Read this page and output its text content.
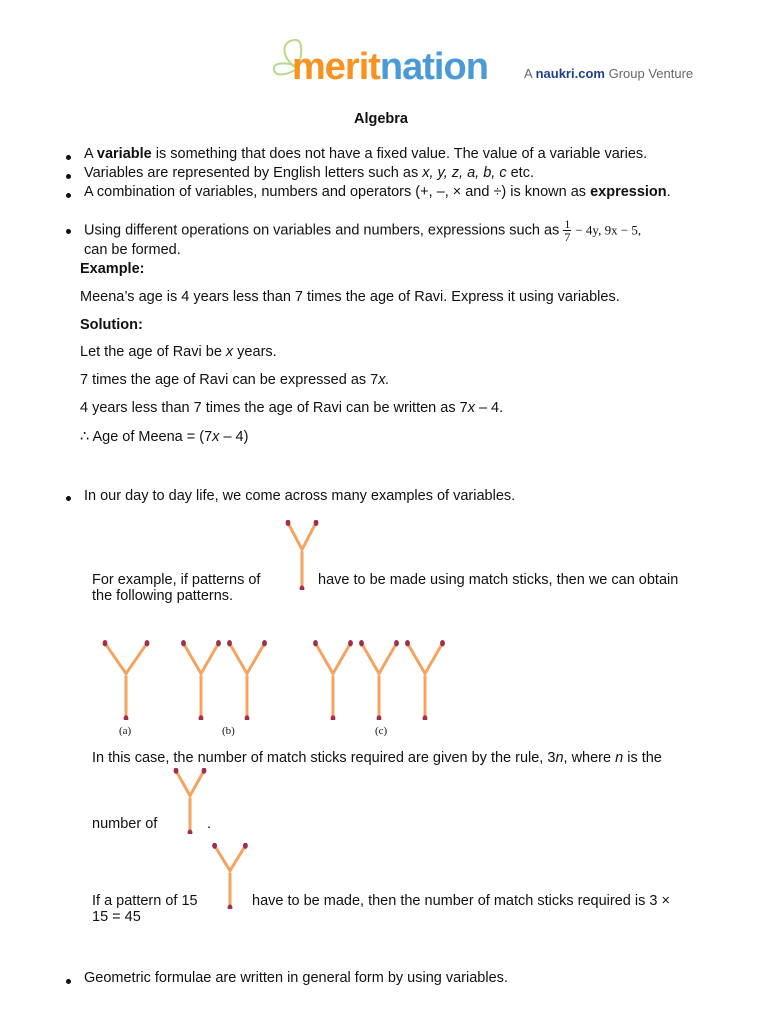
meritnation	A naukri.com Group Venture
Algebra
A variable is something that does not have a fixed value. The value of a variable varies.
Variables are represented by English letters such as x, y, z, a, b, c etc.
A combination of variables, numbers and operators (+, –, × and ÷) is known as expression.
Using different operations on variables and numbers, expressions such as $\frac{1}{7} - 4y$, 9x − 5,
can be formed.
Example:
Meena’s age is 4 years less than 7 times the age of Ravi. Express it using variables.
Solution:
Let the age of Ravi be x years.
7 times the age of Ravi can be expressed as 7x.
4 years less than 7 times the age of Ravi can be written as 7x – 4.
∴ Age of Meena = (7x – 4)
In our day to day life, we come across many examples of variables.
For example, if patterns of	have to be made using match sticks, then we can obtain
the following patterns.
(a)	(b)	(c)
In this case, the number of match sticks required are given by the rule, 3n, where n is the
number of	.
If a pattern of 15	have to be made, then the number of match sticks required is 3 ×
15 = 45
Geometric formulae are written in general form by using variables.
